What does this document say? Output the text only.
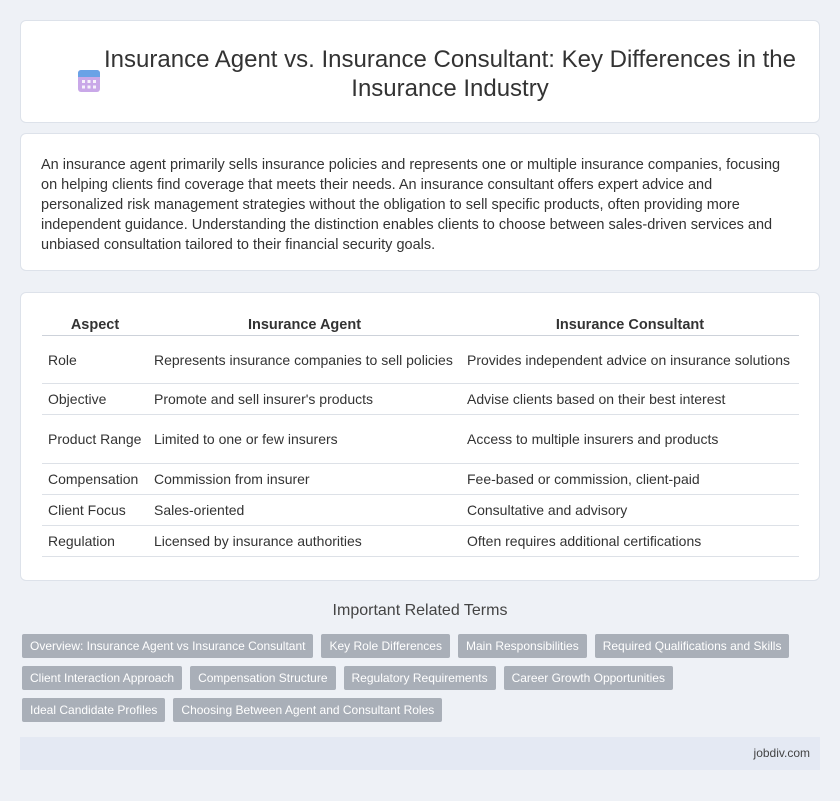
Insurance Agent vs. Insurance Consultant: Key Differences in the Insurance Industry

An insurance agent primarily sells insurance policies and represents one or multiple insurance companies, focusing on helping clients find coverage that meets their needs. An insurance consultant offers expert advice and personalized risk management strategies without the obligation to sell specific products, often providing more independent guidance. Understanding the distinction enables clients to choose between sales-driven services and unbiased consultation tailored to their financial security goals.

Aspect	Insurance Agent	Insurance Consultant
Role	Represents insurance companies to sell policies	Provides independent advice on insurance solutions
Objective	Promote and sell insurer's products	Advise clients based on their best interest
Product Range	Limited to one or few insurers	Access to multiple insurers and products
Compensation	Commission from insurer	Fee-based or commission, client-paid
Client Focus	Sales-oriented	Consultative and advisory
Regulation	Licensed by insurance authorities	Often requires additional certifications
Important Related Terms
Overview: Insurance Agent vs Insurance Consultant	Key Role Differences	Main Responsibilities	Required Qualifications and Skills
Client Interaction Approach	Compensation Structure	Regulatory Requirements	Career Growth Opportunities
Ideal Candidate Profiles	Choosing Between Agent and Consultant Roles
jobdiv.com
